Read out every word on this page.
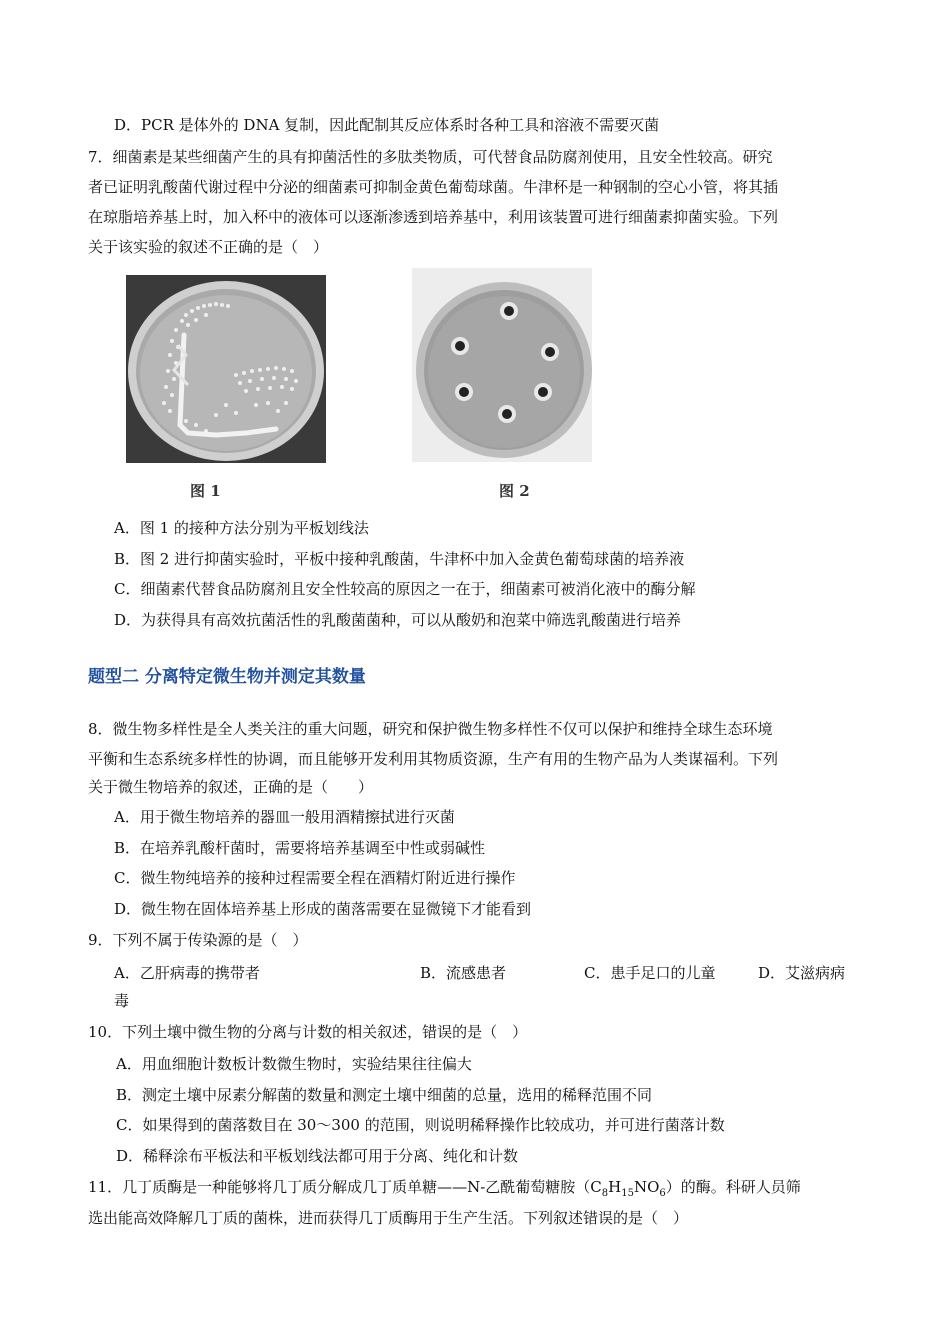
D．PCR 是体外的 DNA 复制，因此配制其反应体系时各种工具和溶液不需要灭菌
7．细菌素是某些细菌产生的具有抑菌活性的多肽类物质，可代替食品防腐剂使用，且安全性较高。研究
者已证明乳酸菌代谢过程中分泌的细菌素可抑制金黄色葡萄球菌。牛津杯是一种钢制的空心小管，将其插
在琼脂培养基上时，加入杯中的液体可以逐渐渗透到培养基中，利用该装置可进行细菌素抑菌实验。下列
关于该实验的叙述不正确的是（　）
图 1	图 2
A．图 1 的接种方法分别为平板划线法
B．图 2 进行抑菌实验时，平板中接种乳酸菌，牛津杯中加入金黄色葡萄球菌的培养液
C．细菌素代替食品防腐剂且安全性较高的原因之一在于，细菌素可被消化液中的酶分解
D．为获得具有高效抗菌活性的乳酸菌菌种，可以从酸奶和泡菜中筛选乳酸菌进行培养
题型二 分离特定微生物并测定其数量
8．微生物多样性是全人类关注的重大问题，研究和保护微生物多样性不仅可以保护和维持全球生态环境
平衡和生态系统多样性的协调，而且能够开发利用其物质资源，生产有用的生物产品为人类谋福利。下列
关于微生物培养的叙述，正确的是（　　）
A．用于微生物培养的器皿一般用酒精擦拭进行灭菌
B．在培养乳酸杆菌时，需要将培养基调至中性或弱碱性
C．微生物纯培养的接种过程需要全程在酒精灯附近进行操作
D．微生物在固体培养基上形成的菌落需要在显微镜下才能看到
9．下列不属于传染源的是（　）
A．乙肝病毒的携带者	B．流感患者	C．患手足口的儿童	D．艾滋病病
毒
10．下列土壤中微生物的分离与计数的相关叙述，错误的是（　）
A．用血细胞计数板计数微生物时，实验结果往往偏大
B．测定土壤中尿素分解菌的数量和测定土壤中细菌的总量，选用的稀释范围不同
C．如果得到的菌落数目在 30～300 的范围，则说明稀释操作比较成功，并可进行菌落计数
D．稀释涂布平板法和平板划线法都可用于分离、纯化和计数
11．几丁质酶是一种能够将几丁质分解成几丁质单糖——N-乙酰葡萄糖胺$(C_8H_{15}NO_6)$的酶。科研人员筛
选出能高效降解几丁质的菌株，进而获得几丁质酶用于生产生活。下列叙述错误的是（　）
